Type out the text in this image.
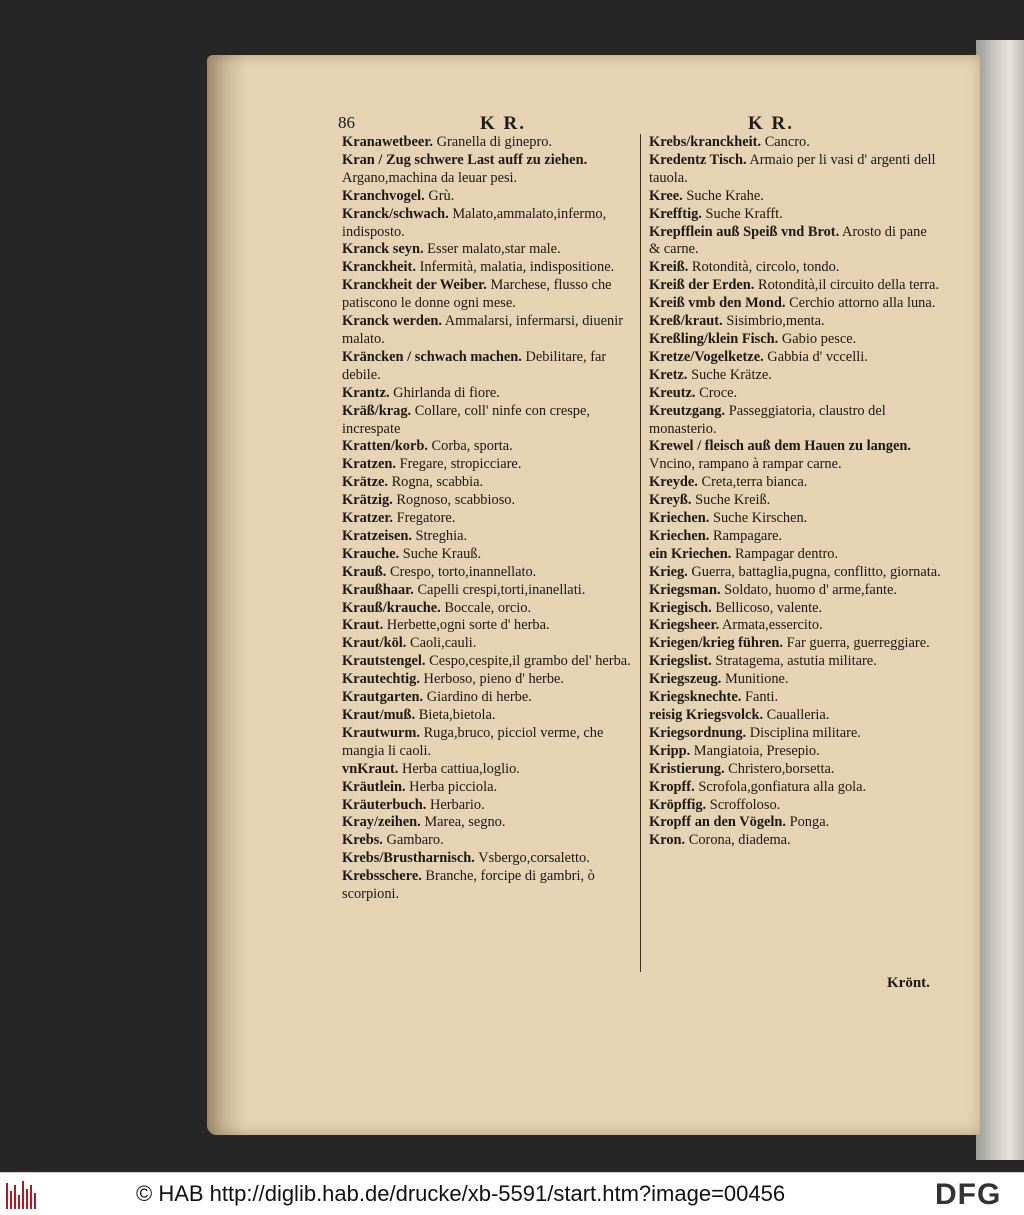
86	K R.	K R.

Kranawetbeer. Granella di ginepro.

Kran / Zug schwere Last auff zu ziehen. Argano,machina da leuar pesi.

Kranchvogel. Grù.

Kranck/schwach. Malato,ammalato,infermo, indisposto.

Kranck seyn. Esser malato,star male.

Kranckheit. Infermità, malatia, indispositione.

Kranckheit der Weiber. Marchese, flusso che patiscono le donne ogni mese.

Kranck werden. Ammalarsi, infermarsi, diuenir malato.

Kräncken / schwach machen. Debilitare, far debile.

Krantz. Ghirlanda di fiore.

Kräß/krag. Collare, coll' ninfe con crespe, increspate

Kratten/korb. Corba, sporta.

Kratzen. Fregare, stropicciare.

Krätze. Rogna, scabbia.

Krätzig. Rognoso, scabbioso.

Kratzer. Fregatore.

Kratzeisen. Streghia.

Krauche. Suche Krauß.

Krauß. Crespo, torto,inannellato.

Kraußhaar. Capelli crespi,torti,inanellati.

Krauß/krauche. Boccale, orcio.

Kraut. Herbette,ogni sorte d' herba.

Kraut/köl. Caoli,cauli.

Krautstengel. Cespo,cespite,il grambo del' herba.

Krautechtig. Herboso, pieno d' herbe.

Krautgarten. Giardino di herbe.

Kraut/muß. Bieta,bietola.

Krautwurm. Ruga,bruco, picciol verme, che mangia li caoli.

vnKraut. Herba cattiua,loglio.

Kräutlein. Herba picciola.

Kräuterbuch. Herbario.

Kray/zeihen. Marea, segno.

Krebs. Gambaro.

Krebs/Brustharnisch. Vsbergo,corsaletto.

Krebsschere. Branche, forcipe di gambri, ò scorpioni.

Krebs/kranckheit. Cancro.

Kredentz Tisch. Armaio per li vasi d' argenti dell tauola.

Kree. Suche Krahe.

Krefftig. Suche Krafft.

Krepfflein auß Speiß vnd Brot. Arosto di pane & carne.

Kreiß. Rotondità, circolo, tondo.

Kreiß der Erden. Rotondità,il circuito della terra.

Kreiß vmb den Mond. Cerchio attorno alla luna.

Kreß/kraut. Sisimbrio,menta.

Kreßling/klein Fisch. Gabio pesce.

Kretze/Vogelketze. Gabbia d' vccelli.

Kretz. Suche Krätze.

Kreutz. Croce.

Kreutzgang. Passeggiatoria, claustro del monasterio.

Krewel / fleisch auß dem Hauen zu langen. Vncino, rampano à rampar carne.

Kreyde. Creta,terra bianca.

Kreyß. Suche Kreiß.

Kriechen. Suche Kirschen.

Kriechen. Rampagare.

ein Kriechen. Rampagar dentro.

Krieg. Guerra, battaglia,pugna, conflitto, giornata.

Kriegsman. Soldato, huomo d' arme,fante.

Kriegisch. Bellicoso, valente.

Kriegsheer. Armata,essercito.

Kriegen/krieg führen. Far guerra, guerreggiare.

Kriegslist. Stratagema, astutia militare.

Kriegszeug. Munitione.

Kriegsknechte. Fanti.

reisig Kriegsvolck. Caualleria.

Kriegsordnung. Disciplina militare.

Kripp. Mangiatoia, Presepio.

Kristierung. Christero,borsetta.

Kropff. Scrofola,gonfiatura alla gola.

Kröpffig. Scroffoloso.

Kropff an den Vögeln. Ponga.

Kron. Corona, diadema.

Krönt.
© HAB http://diglib.hab.de/drucke/xb-5591/start.htm?image=00456	DFG
